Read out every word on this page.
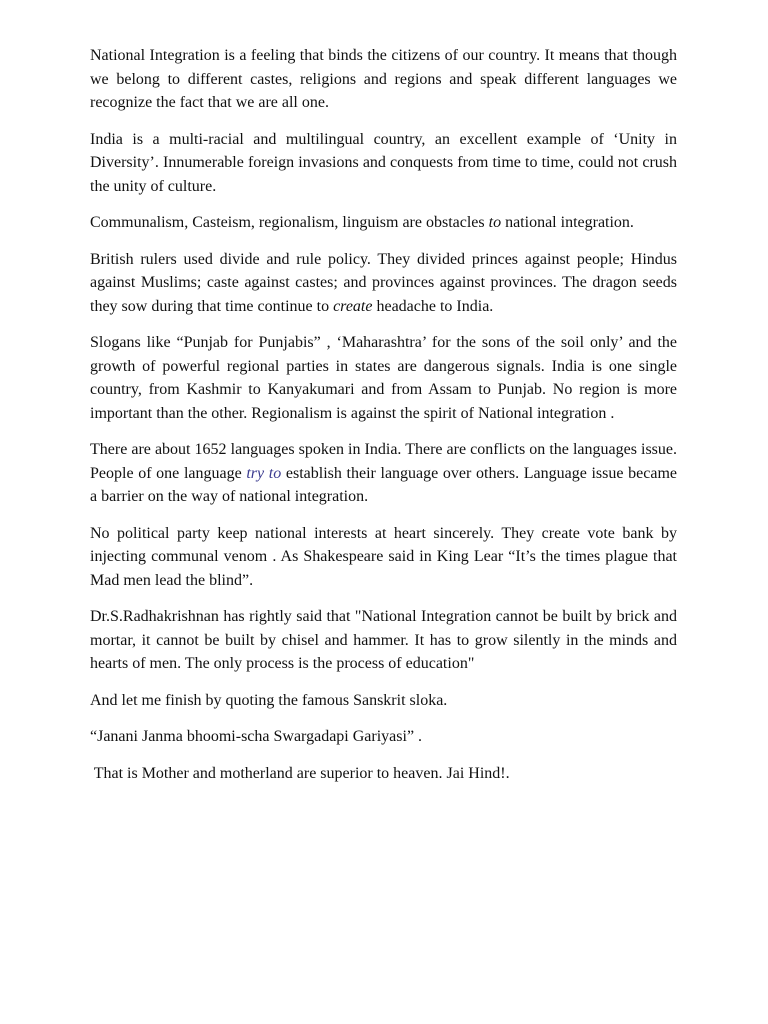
National Integration is a feeling that binds the citizens of our country. It means that though we belong to different castes, religions and regions and speak different languages we recognize the fact that we are all one.

India is a multi-racial and multilingual country, an excellent example of ‘Unity in Diversity’. Innumerable foreign invasions and conquests from time to time, could not crush the unity of culture.

Communalism, Casteism, regionalism, linguism are obstacles to national integration.

British rulers used divide and rule policy. They divided princes against people; Hindus against Muslims; caste against castes; and provinces against provinces. The dragon seeds they sow during that time continue to create headache to India.

Slogans like “Punjab for Punjabis” , ‘Maharashtra’ for the sons of the soil only’ and the growth of powerful regional parties in states are dangerous signals. India is one single country, from Kashmir to Kanyakumari and from Assam to Punjab. No region is more important than the other. Regionalism is against the spirit of National integration .

There are about 1652 languages spoken in India. There are conflicts on the languages issue. People of one language try to establish their language over others. Language issue became a barrier on the way of national integration.

No political party keep national interests at heart sincerely. They create vote bank by injecting communal venom . As Shakespeare said in King Lear “It’s the times plague that Mad men lead the blind”.

Dr.S.Radhakrishnan has rightly said that "National Integration cannot be built by brick and mortar, it cannot be built by chisel and hammer. It has to grow silently in the minds and hearts of men. The only process is the process of education"

And let me finish by quoting the famous Sanskrit sloka.

“Janani Janma bhoomi-scha Swargadapi Gariyasi” .

That is Mother and motherland are superior to heaven. Jai Hind!.
